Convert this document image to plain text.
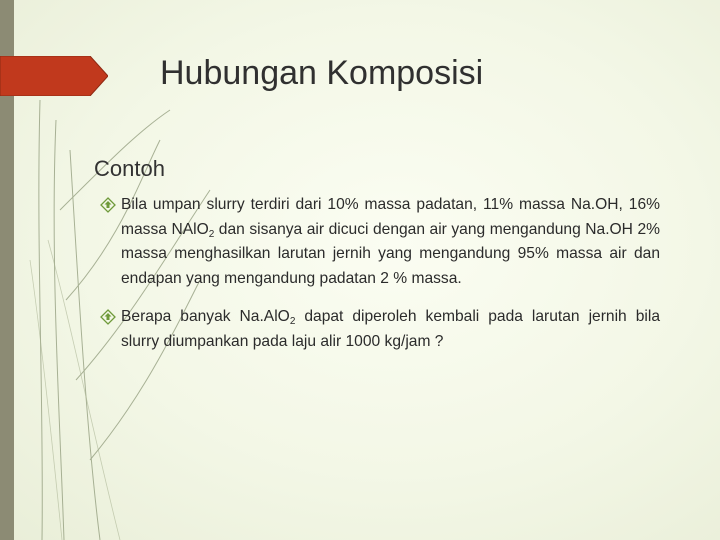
Hubungan Komposisi
Contoh
Bila umpan slurry terdiri dari 10% massa padatan, 11% massa Na.OH, 16% massa NAlO$_2$ dan sisanya air dicuci dengan air yang mengandung Na.OH 2% massa menghasilkan larutan jernih yang mengandung 95% massa air dan endapan yang mengandung padatan 2 % massa.
Berapa banyak Na.AlO$_2$ dapat diperoleh kembali pada larutan jernih bila slurry diumpankan pada laju alir 1000 kg/jam ?
